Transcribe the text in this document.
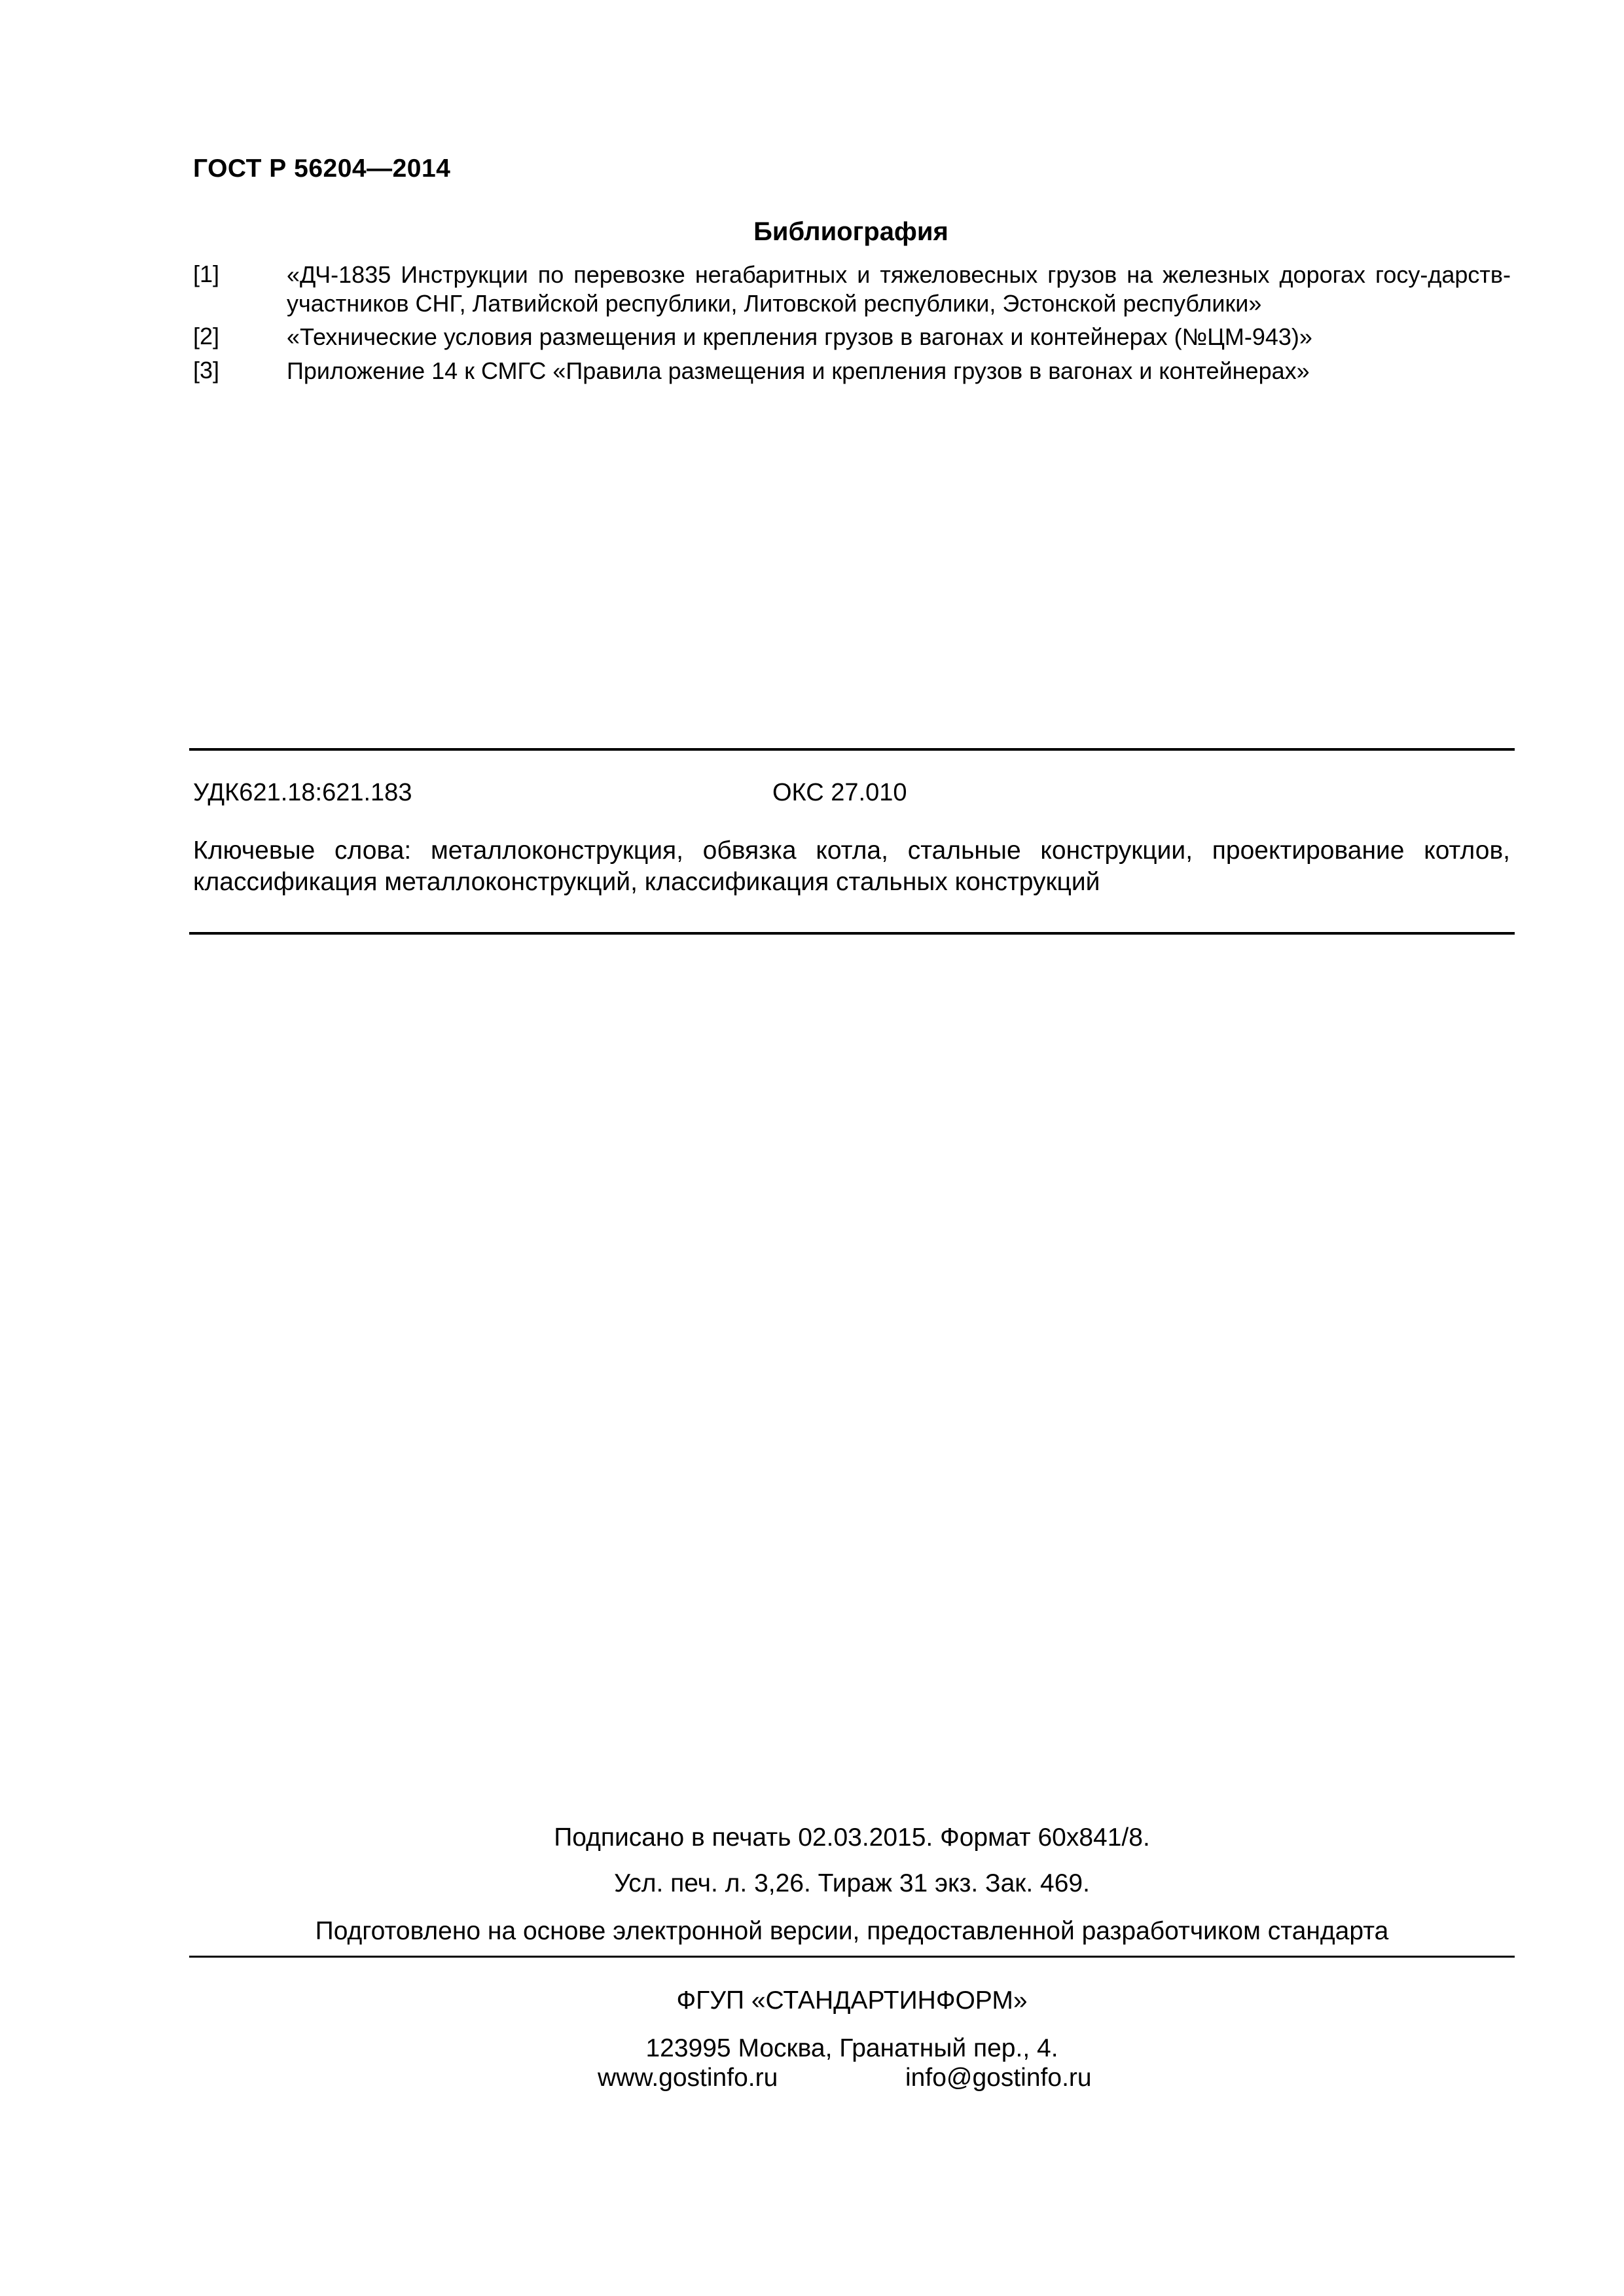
ГОСТ Р 56204—2014
Библиография
[1]	«ДЧ-1835 Инструкции по перевозке негабаритных и тяжеловесных грузов на железных дорогах госу-дарств-участников СНГ, Латвийской республики, Литовской республики, Эстонской республики»
[2]	«Технические условия размещения и крепления грузов в вагонах и контейнерах (№ЦМ-943)»
[3]	Приложение 14 к СМГС «Правила размещения и крепления грузов в вагонах и контейнерах»
УДК621.18:621.183	ОКС 27.010
Ключевые слова: металлоконструкция, обвязка котла, стальные конструкции, проектирование котлов, классификация металлоконструкций, классификация стальных конструкций
Подписано в печать 02.03.2015. Формат 60х841/8.
Усл. печ. л. 3,26. Тираж 31 экз. Зак. 469.
Подготовлено на основе электронной версии, предоставленной разработчиком стандарта
ФГУП «СТАНДАРТИНФОРМ»
123995 Москва, Гранатный пер., 4.
www.gostinfo.ru	info@gostinfo.ru
